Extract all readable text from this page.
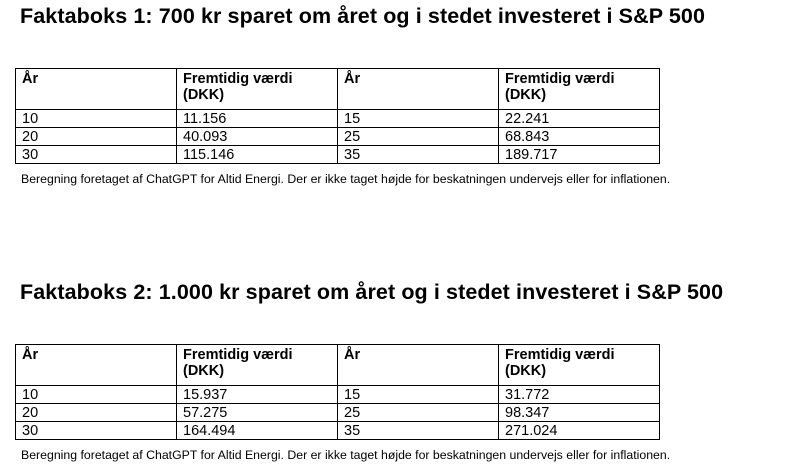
Faktaboks 1: 700 kr sparet om året og i stedet investeret i S&P 500
År	Fremtidig værdi (DKK)	År	Fremtidig værdi (DKK)
10	11.156	15	22.241
20	40.093	25	68.843
30	115.146	35	189.717

Beregning foretaget af ChatGPT for Altid Energi. Der er ikke taget højde for beskatningen undervejs eller for inflationen.

Faktaboks 2: 1.000 kr sparet om året og i stedet investeret i S&P 500
År	Fremtidig værdi (DKK)	År	Fremtidig værdi (DKK)
10	15.937	15	31.772
20	57.275	25	98.347
30	164.494	35	271.024

Beregning foretaget af ChatGPT for Altid Energi. Der er ikke taget højde for beskatningen undervejs eller for inflationen.
